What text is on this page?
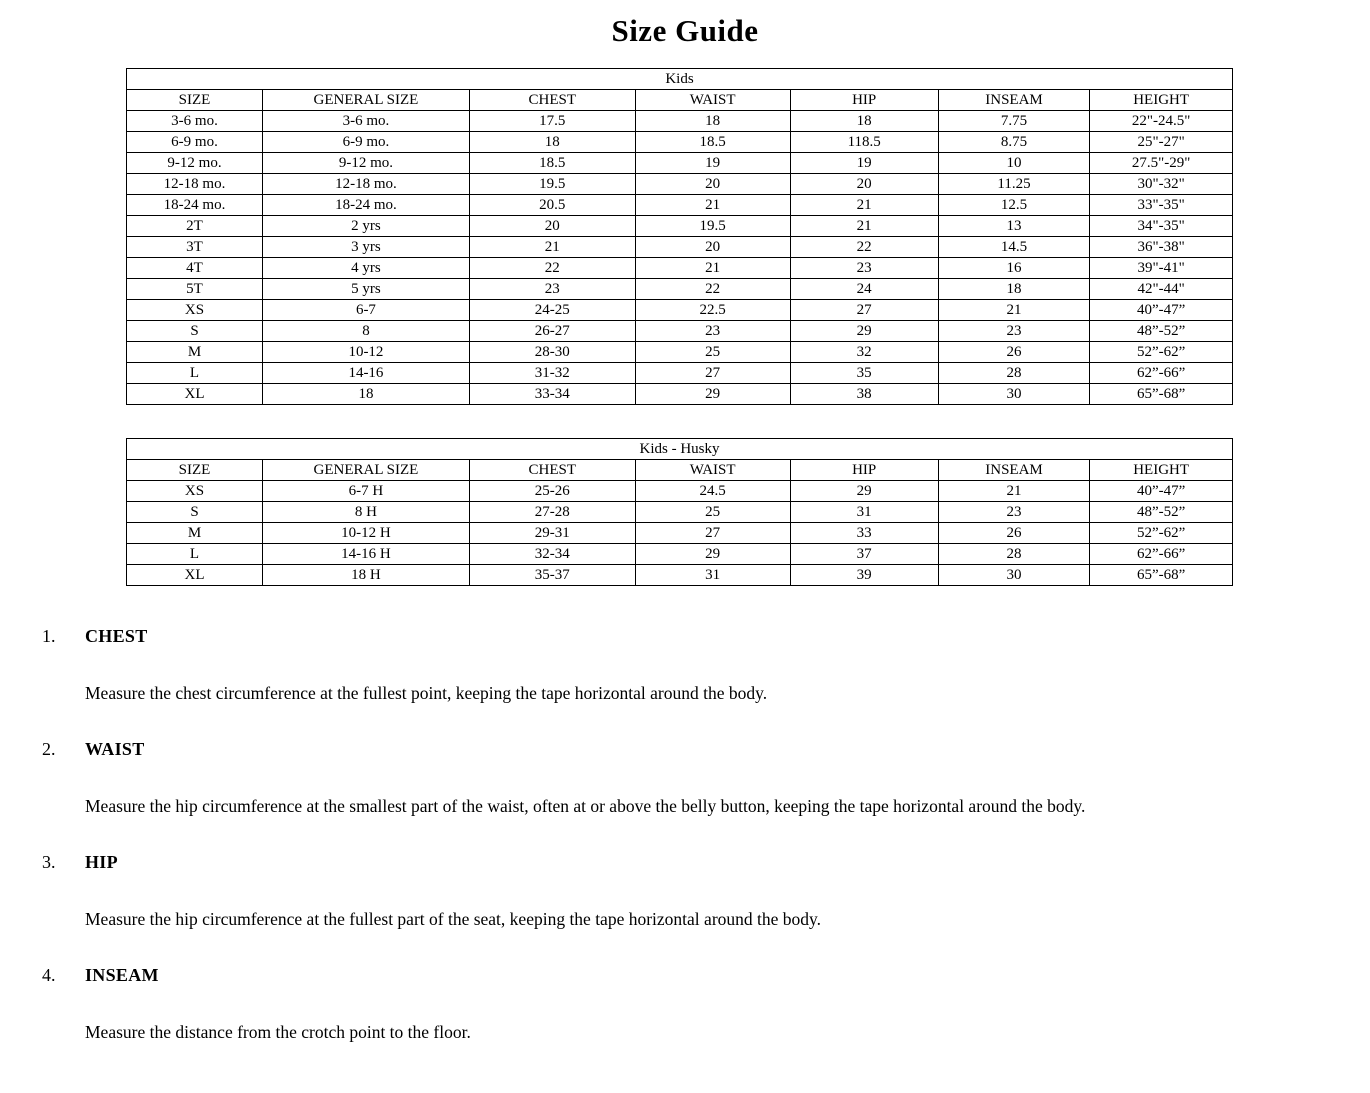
Size Guide
Kids						
SIZE	GENERAL SIZE	CHEST	WAIST	HIP	INSEAM	HEIGHT
3-6 mo.	3-6 mo.	17.5	18	18	7.75	22"-24.5"
6-9 mo.	6-9 mo.	18	18.5	118.5	8.75	25"-27"
9-12 mo.	9-12 mo.	18.5	19	19	10	27.5"-29"
12-18 mo.	12-18 mo.	19.5	20	20	11.25	30"-32"
18-24 mo.	18-24 mo.	20.5	21	21	12.5	33"-35"
2T	2 yrs	20	19.5	21	13	34"-35"
3T	3 yrs	21	20	22	14.5	36"-38"
4T	4 yrs	22	21	23	16	39"-41"
5T	5 yrs	23	22	24	18	42"-44"
XS	6-7	24-25	22.5	27	21	40”-47”
S	8	26-27	23	29	23	48”-52”
M	10-12	28-30	25	32	26	52”-62”
L	14-16	31-32	27	35	28	62”-66”
XL	18	33-34	29	38	30	65”-68”
Kids - Husky						
SIZE	GENERAL SIZE	CHEST	WAIST	HIP	INSEAM	HEIGHT
XS	6-7 H	25-26	24.5	29	21	40”-47”
S	8 H	27-28	25	31	23	48”-52”
M	10-12 H	29-31	27	33	26	52”-62”
L	14-16 H	32-34	29	37	28	62”-66”
XL	18 H	35-37	31	39	30	65”-68”
1.	CHEST

Measure the chest circumference at the fullest point, keeping the tape horizontal around the body.

2.	WAIST

Measure the hip circumference at the smallest part of the waist, often at or above the belly button, keeping the tape horizontal around the body.

3.	HIP

Measure the hip circumference at the fullest part of the seat, keeping the tape horizontal around the body.

4.	INSEAM

Measure the distance from the crotch point to the floor.
